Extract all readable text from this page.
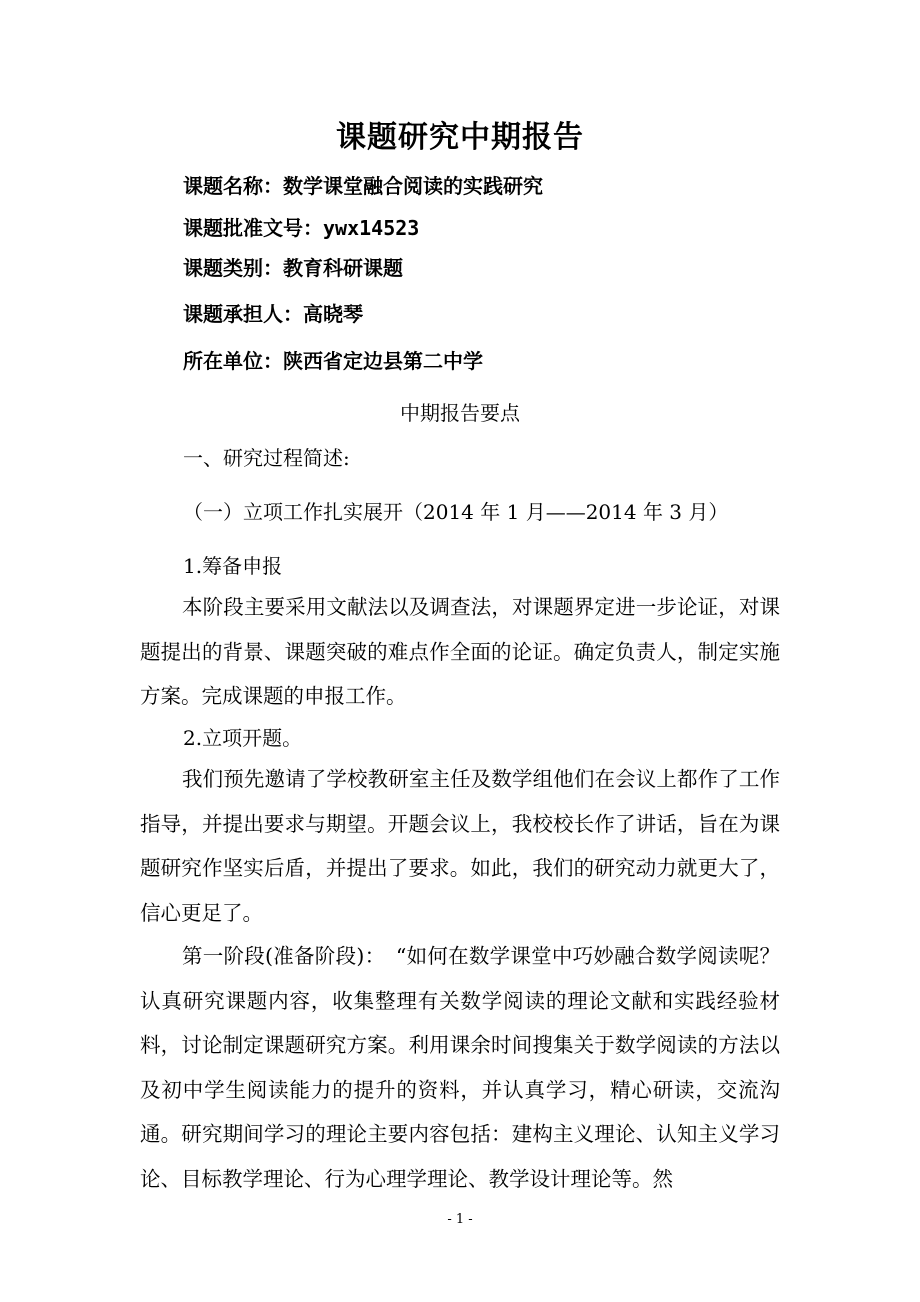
课题研究中期报告
课题名称：数学课堂融合阅读的实践研究
课题批准文号：ywx14523
课题类别：教育科研课题
课题承担人：高晓琴
所在单位：陕西省定边县第二中学
中期报告要点
一、研究过程简述:
（一）立项工作扎实展开（2014 年 1 月——2014 年 3 月）
1.筹备申报
本阶段主要采用文献法以及调查法，对课题界定进一步论证，对课题提出的背景、课题突破的难点作全面的论证。确定负责人，制定实施方案。完成课题的申报工作。
2.立项开题。
我们预先邀请了学校教研室主任及数学组他们在会议上都作了工作指导，并提出要求与期望。开题会议上，我校校长作了讲话，旨在为课题研究作坚实后盾，并提出了要求。如此，我们的研究动力就更大了，信心更足了。
第一阶段(准备阶段)：　“如何在数学课堂中巧妙融合数学阅读呢？认真研究课题内容，收集整理有关数学阅读的理论文献和实践经验材料，讨论制定课题研究方案。利用课余时间搜集关于数学阅读的方法以及初中学生阅读能力的提升的资料，并认真学习，精心研读，交流沟通。研究期间学习的理论主要内容包括：建构主义理论、认知主义学习论、目标教学理论、行为心理学理论、教学设计理论等。然
- 1 -
